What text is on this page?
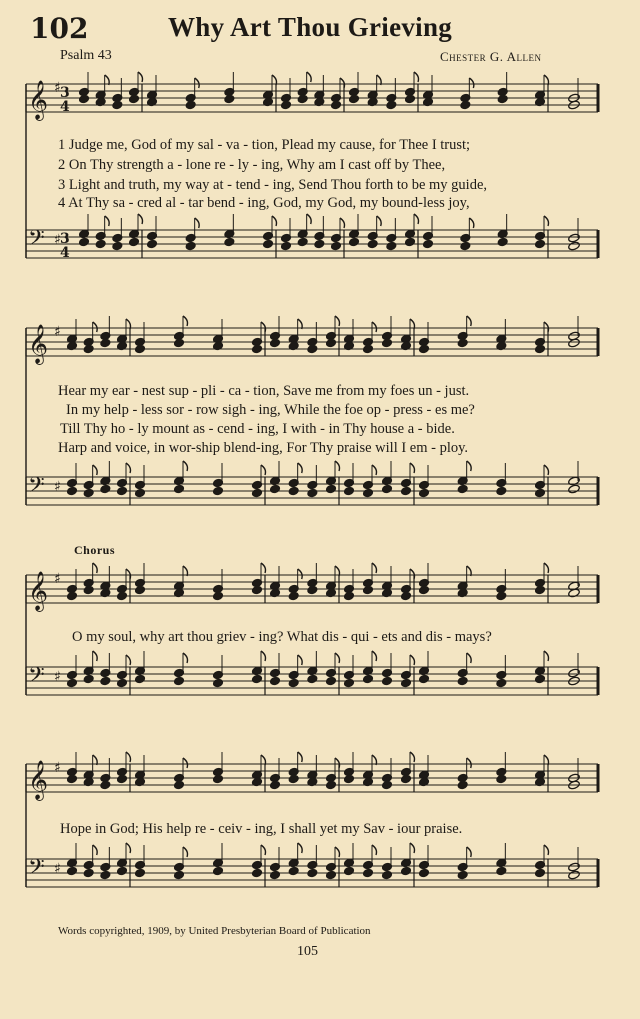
102	Why Art Thou Grieving
Psalm 43	Chester G. Allen
𝄞
𝄢
♯
♯
3
4
3
4
𝄞
𝄢
♯
♯
𝄞
𝄢
♯
♯
𝄞
𝄢
♯
♯
1 Judge me, God of my sal - va - tion, Plead my cause, for Thee I trust;
2 On Thy strength a - lone re - ly - ing, Why am I cast off by Thee,
3 Light and truth, my way at - tend - ing, Send Thou forth to be my guide,
4 At Thy sa - cred al - tar bend - ing, God, my God, my bound-less joy,
Hear my ear - nest sup - pli - ca - tion, Save me from my foes un - just.
In my help - less sor - row sigh - ing, While the foe op - press - es me?
Till Thy ho - ly mount as - cend - ing, I with - in Thy house a - bide.
Harp and voice, in wor-ship blend-ing, For Thy praise will I em - ploy.
Chorus
O my soul, why art thou griev - ing? What dis - qui - ets and dis - mays?
Hope in God; His help re - ceiv - ing, I shall yet my Sav - iour praise.
Words copyrighted, 1909, by United Presbyterian Board of Publication
105
